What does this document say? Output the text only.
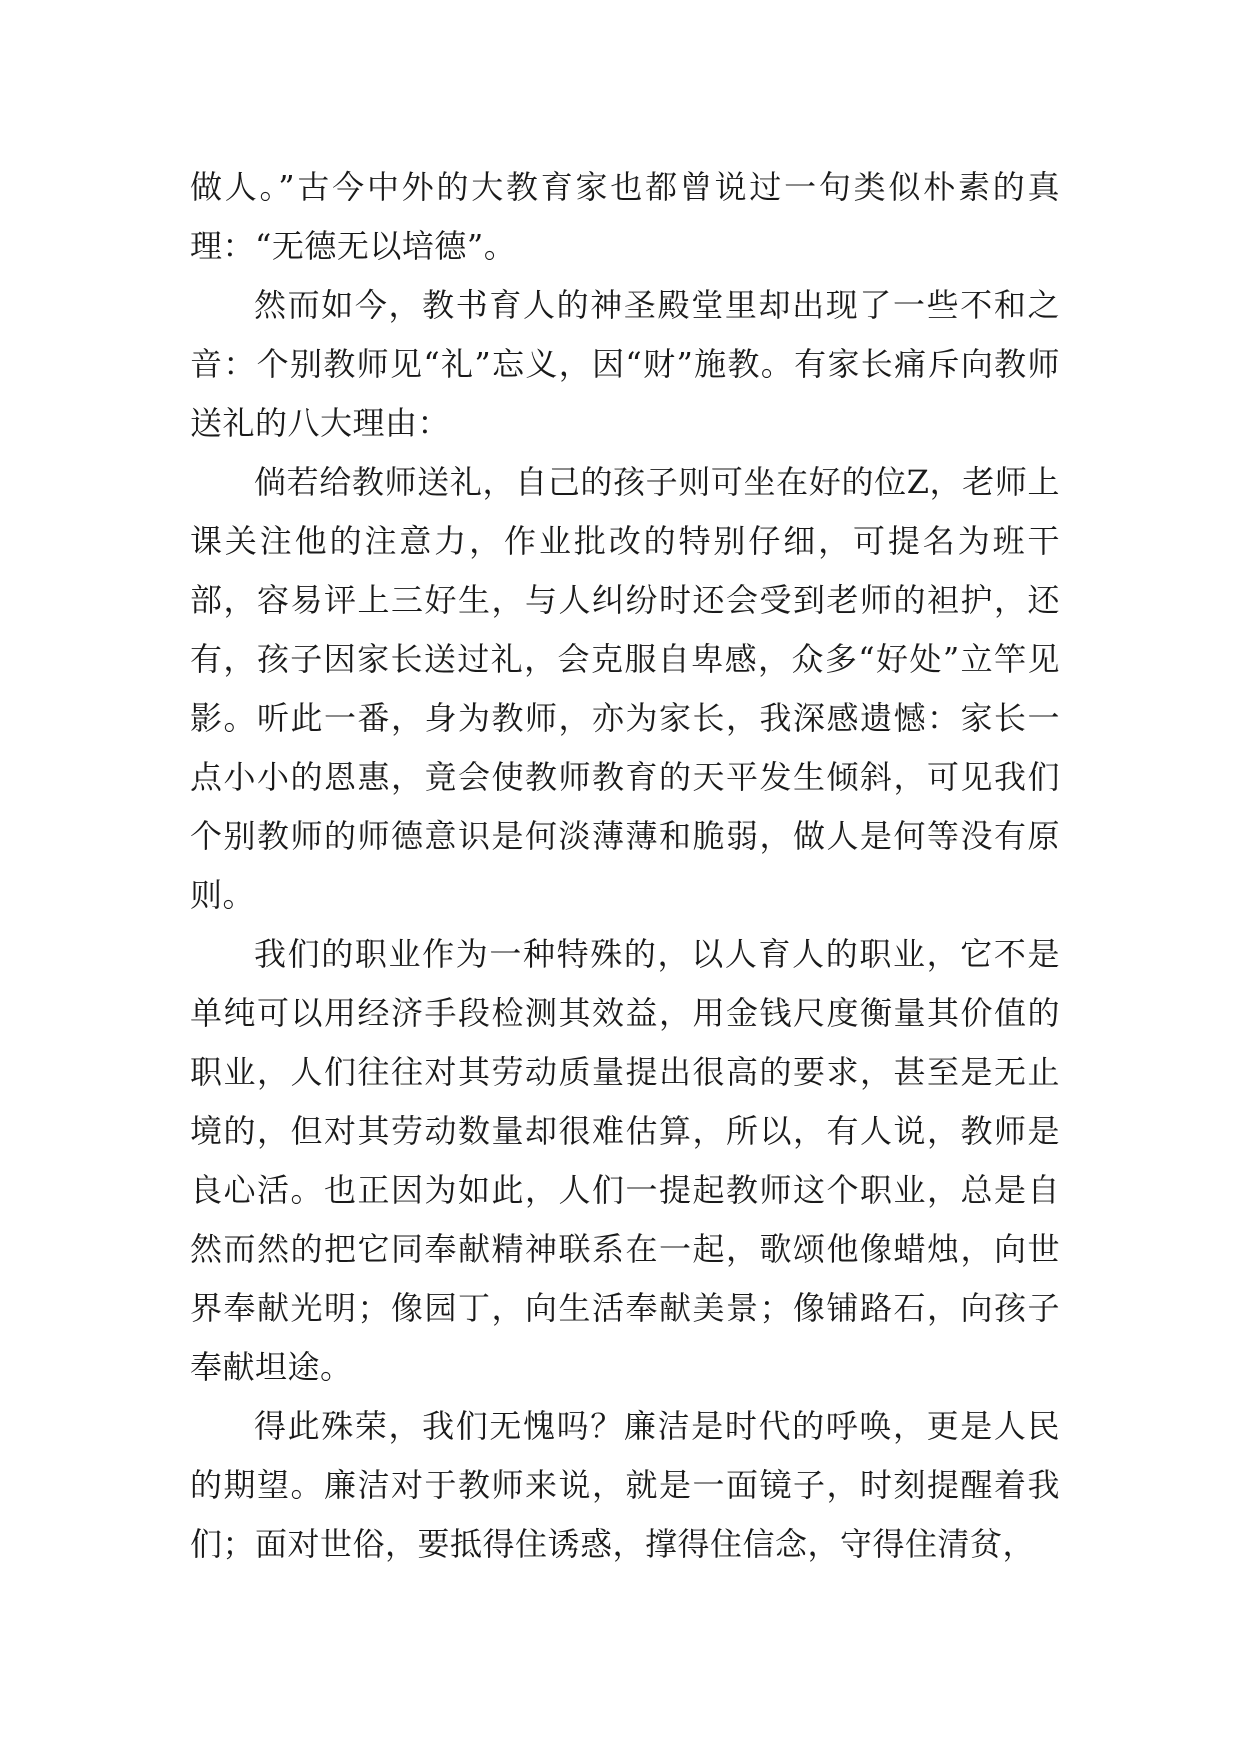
做人。”古今中外的大教育家也都曾说过一句类似朴素的真理：“无德无以培德”。

然而如今，教书育人的神圣殿堂里却出现了一些不和之音：个别教师见“礼”忘义，因“财”施教。有家长痛斥向教师送礼的八大理由：

倘若给教师送礼，自己的孩子则可坐在好的位Z，老师上课关注他的注意力，作业批改的特别仔细，可提名为班干部，容易评上三好生，与人纠纷时还会受到老师的袒护，还有，孩子因家长送过礼，会克服自卑感，众多“好处”立竿见影。听此一番，身为教师，亦为家长，我深感遗憾：家长一点小小的恩惠，竟会使教师教育的天平发生倾斜，可见我们个别教师的师德意识是何淡薄薄和脆弱，做人是何等没有原则。

我们的职业作为一种特殊的，以人育人的职业，它不是单纯可以用经济手段检测其效益，用金钱尺度衡量其价值的职业，人们往往对其劳动质量提出很高的要求，甚至是无止境的，但对其劳动数量却很难估算，所以，有人说，教师是良心活。也正因为如此，人们一提起教师这个职业，总是自然而然的把它同奉献精神联系在一起，歌颂他像蜡烛，向世界奉献光明；像园丁，向生活奉献美景；像铺路石，向孩子奉献坦途。

得此殊荣，我们无愧吗？廉洁是时代的呼唤，更是人民的期望。廉洁对于教师来说，就是一面镜子，时刻提醒着我们；面对世俗，要抵得住诱惑，撑得住信念，守得住清贫，
